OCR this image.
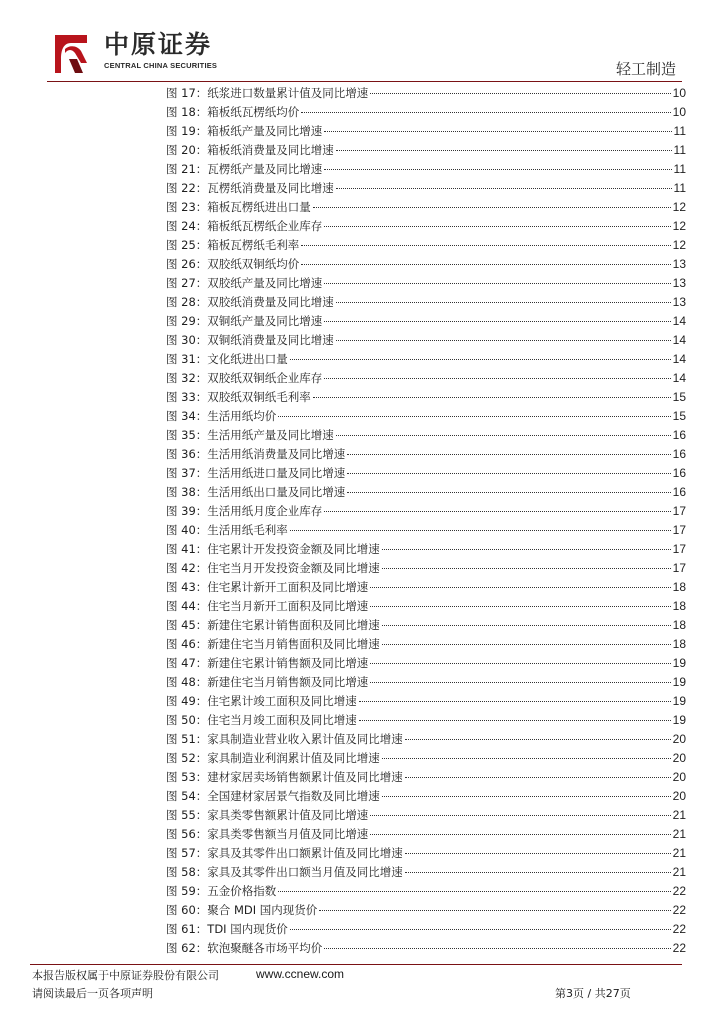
中原证券
CENTRAL CHINA SECURITIES	轻工制造
图 17：纸浆进口数量累计值及同比增速	10
图 18：箱板纸瓦楞纸均价	10
图 19：箱板纸产量及同比增速	11
图 20：箱板纸消费量及同比增速	11
图 21：瓦楞纸产量及同比增速	11
图 22：瓦楞纸消费量及同比增速	11
图 23：箱板瓦楞纸进出口量	12
图 24：箱板纸瓦楞纸企业库存	12
图 25：箱板瓦楞纸毛利率	12
图 26：双胶纸双铜纸均价	13
图 27：双胶纸产量及同比增速	13
图 28：双胶纸消费量及同比增速	13
图 29：双铜纸产量及同比增速	14
图 30：双铜纸消费量及同比增速	14
图 31：文化纸进出口量	14
图 32：双胶纸双铜纸企业库存	14
图 33：双胶纸双铜纸毛利率	15
图 34：生活用纸均价	15
图 35：生活用纸产量及同比增速	16
图 36：生活用纸消费量及同比增速	16
图 37：生活用纸进口量及同比增速	16
图 38：生活用纸出口量及同比增速	16
图 39：生活用纸月度企业库存	17
图 40：生活用纸毛利率	17
图 41：住宅累计开发投资金额及同比增速	17
图 42：住宅当月开发投资金额及同比增速	17
图 43：住宅累计新开工面积及同比增速	18
图 44：住宅当月新开工面积及同比增速	18
图 45：新建住宅累计销售面积及同比增速	18
图 46：新建住宅当月销售面积及同比增速	18
图 47：新建住宅累计销售额及同比增速	19
图 48：新建住宅当月销售额及同比增速	19
图 49：住宅累计竣工面积及同比增速	19
图 50：住宅当月竣工面积及同比增速	19
图 51：家具制造业营业收入累计值及同比增速	20
图 52：家具制造业利润累计值及同比增速	20
图 53：建材家居卖场销售额累计值及同比增速	20
图 54：全国建材家居景气指数及同比增速	20
图 55：家具类零售额累计值及同比增速	21
图 56：家具类零售额当月值及同比增速	21
图 57：家具及其零件出口额累计值及同比增速	21
图 58：家具及其零件出口额当月值及同比增速	21
图 59：五金价格指数	22
图 60：聚合 MDI 国内现货价	22
图 61：TDI 国内现货价	22
图 62：软泡聚醚各市场平均价	22
本报告版权属于中原证券股份有限公司	www.ccnew.com
请阅读最后一页各项声明	第3页 / 共27页
